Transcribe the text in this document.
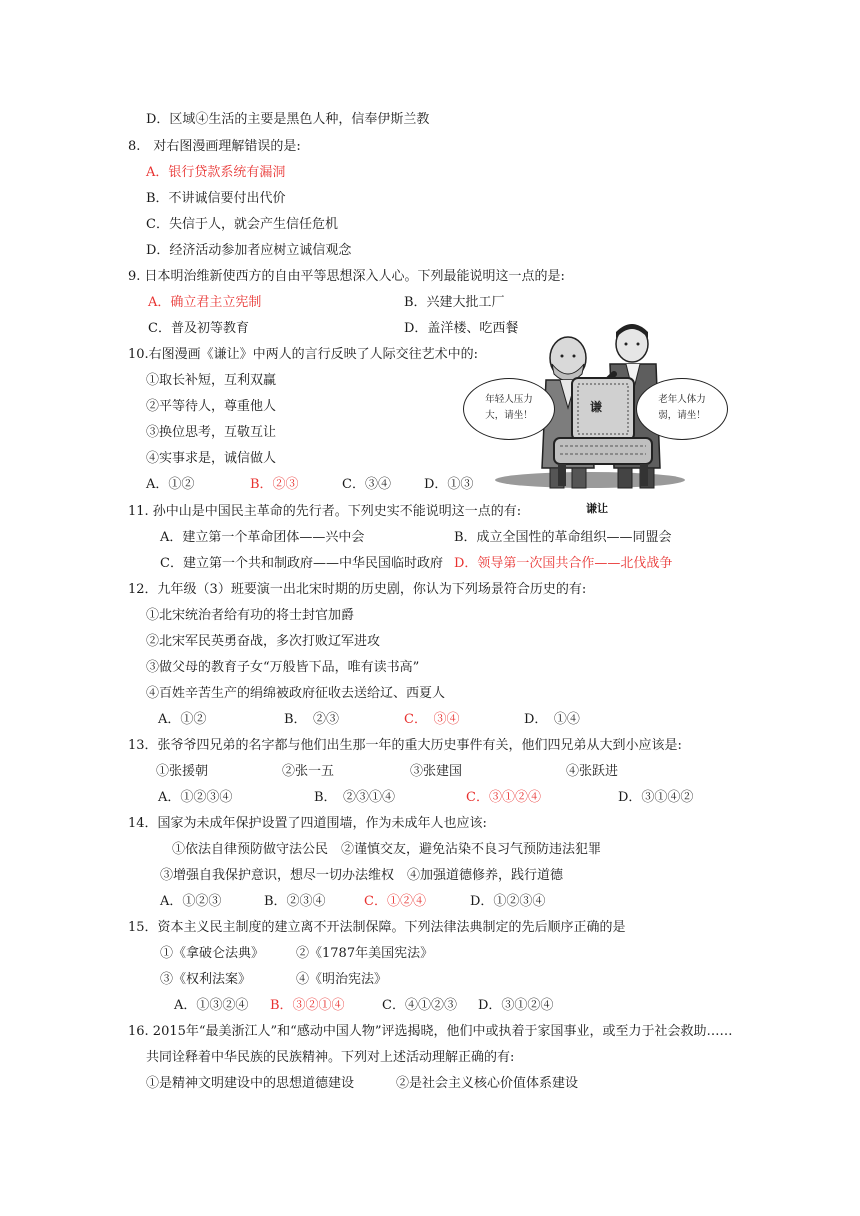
D．区域④生活的主要是黑色人种，信奉伊斯兰教
8.　对右图漫画理解错误的是:
A．银行贷款系统有漏洞
B．不讲诚信要付出代价
C．失信于人，就会产生信任危机
D．经济活动参加者应树立诚信观念
9. 日本明治维新使西方的自由平等思想深入人心。下列最能说明这一点的是:
A．确立君主立宪制	B．兴建大批工厂
C．普及初等教育	D．盖洋楼、吃西餐
10.右图漫画《谦让》中两人的言行反映了人际交往艺术中的:
①取长补短，互利双赢
②平等待人，尊重他人
③换位思考，互敬互让
④实事求是，诚信做人
A．①②	B．②③	C．③④	D．①③
谦
谦让
年轻人压力
大，请坐！
老年人体力
弱，请坐！
11. 孙中山是中国民主革命的先行者。下列史实不能说明这一点的有:
A．建立第一个革命团体——兴中会	B．成立全国性的革命组织——同盟会
C．建立第一个共和制政府——中华民国临时政府 D．领导第一次国共合作——北伐战争
12．九年级（3）班要演一出北宋时期的历史剧，你认为下列场景符合历史的有:
①北宋统治者给有功的将士封官加爵
②北宋军民英勇奋战，多次打败辽军进攻
③做父母的教育子女“万般皆下品，唯有读书高”
④百姓辛苦生产的绢绵被政府征收去送给辽、西夏人
A．①②	B．　②③	C．　③④	D．　①④
13．张爷爷四兄弟的名字都与他们出生那一年的重大历史事件有关，他们四兄弟从大到小应该是:
①张援朝	②张一五	③张建国	④张跃进
A．①②③④	B．　②③①④	C．③①②④	D．③①④②
14．国家为未成年保护设置了四道围墙，作为未成年人也应该:
①依法自律预防做守法公民　②谨慎交友，避免沾染不良习气预防违法犯罪
③增强自我保护意识，想尽一切办法维权　④加强道德修养，践行道德
A．①②③	B．②③④	C．①②④	D．①②③④
15．资本主义民主制度的建立离不开法制保障。下列法律法典制定的先后顺序正确的是
①《拿破仑法典》 ②《1787年美国宪法》
③《权利法案》	④《明治宪法》
A．①③②④ B．③②①④	C．④①②③ D．③①②④
16. 2015年“最美浙江人”和“感动中国人物”评选揭晓，他们中或执着于家国事业，或至力于社会救助……
共同诠释着中华民族的民族精神。下列对上述活动理解正确的有:
①是精神文明建设中的思想道德建设	②是社会主义核心价值体系建设
